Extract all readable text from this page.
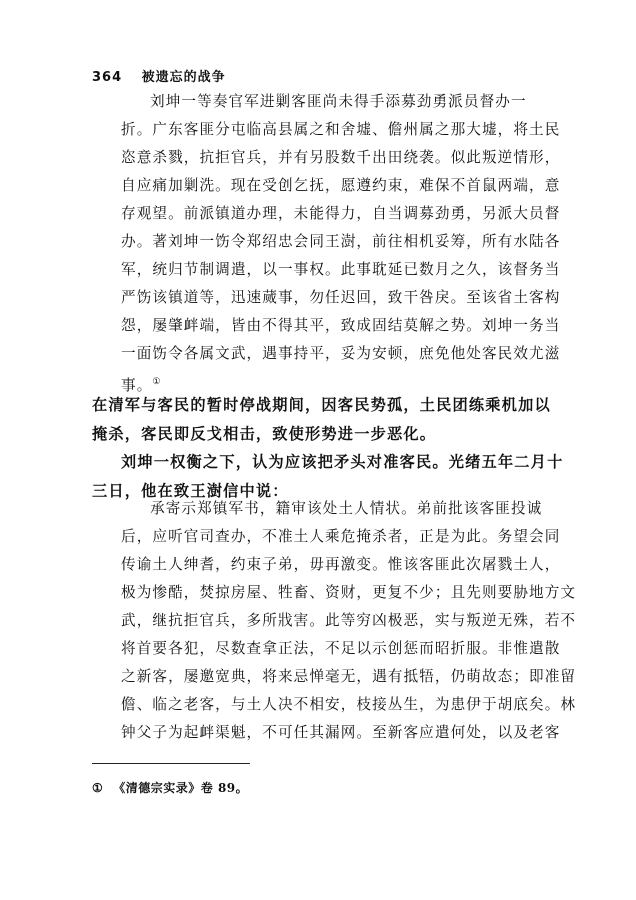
364 被遗忘的战争
刘坤一等奏官军进剿客匪尚未得手添募劲勇派员督办一
折。广东客匪分屯临高县属之和舍墟、儋州属之那大墟，将土民
恣意杀戮，抗拒官兵，并有另股数千出田绕袭。似此叛逆情形，
自应痛加剿洗。现在受创乞抚，愿遵约束，难保不首鼠两端，意
存观望。前派镇道办理，未能得力，自当调募劲勇，另派大员督
办。著刘坤一饬令郑绍忠会同王澍，前往相机妥筹，所有水陆各
军，统归节制调遣，以一事权。此事耽延已数月之久，该督务当
严饬该镇道等，迅速蒇事，勿任迟回，致干咎戾。至该省土客构
怨，屡肇衅端，皆由不得其平，致成固结莫解之势。刘坤一务当
一面饬令各属文武，遇事持平，妥为安顿，庶免他处客民效尤滋
事。①
在清军与客民的暂时停战期间，因客民势孤，土民团练乘机加以
掩杀，客民即反戈相击，致使形势进一步恶化。
刘坤一权衡之下，认为应该把矛头对准客民。光绪五年二月十
三日，他在致王澍信中说：
承寄示郑镇军书，籍审该处土人情状。弟前批该客匪投诚
后，应听官司查办，不准土人乘危掩杀者，正是为此。务望会同
传谕土人绅耆，约束子弟，毋再激变。惟该客匪此次屠戮土人，
极为惨酷，焚掠房屋、牲畜、资财，更复不少；且先则要胁地方文
武，继抗拒官兵，多所戕害。此等穷凶极恶，实与叛逆无殊，若不
将首要各犯，尽数查拿正法，不足以示创惩而昭折服。非惟遣散
之新客，屡邀宽典，将来忌惮毫无，遇有抵牾，仍萌故态；即准留
儋、临之老客，与土人决不相安，枝接丛生，为患伊于胡底矣。林
钟父子为起衅渠魁，不可任其漏网。至新客应遣何处，以及老客
① 《清德宗实录》卷 89。
